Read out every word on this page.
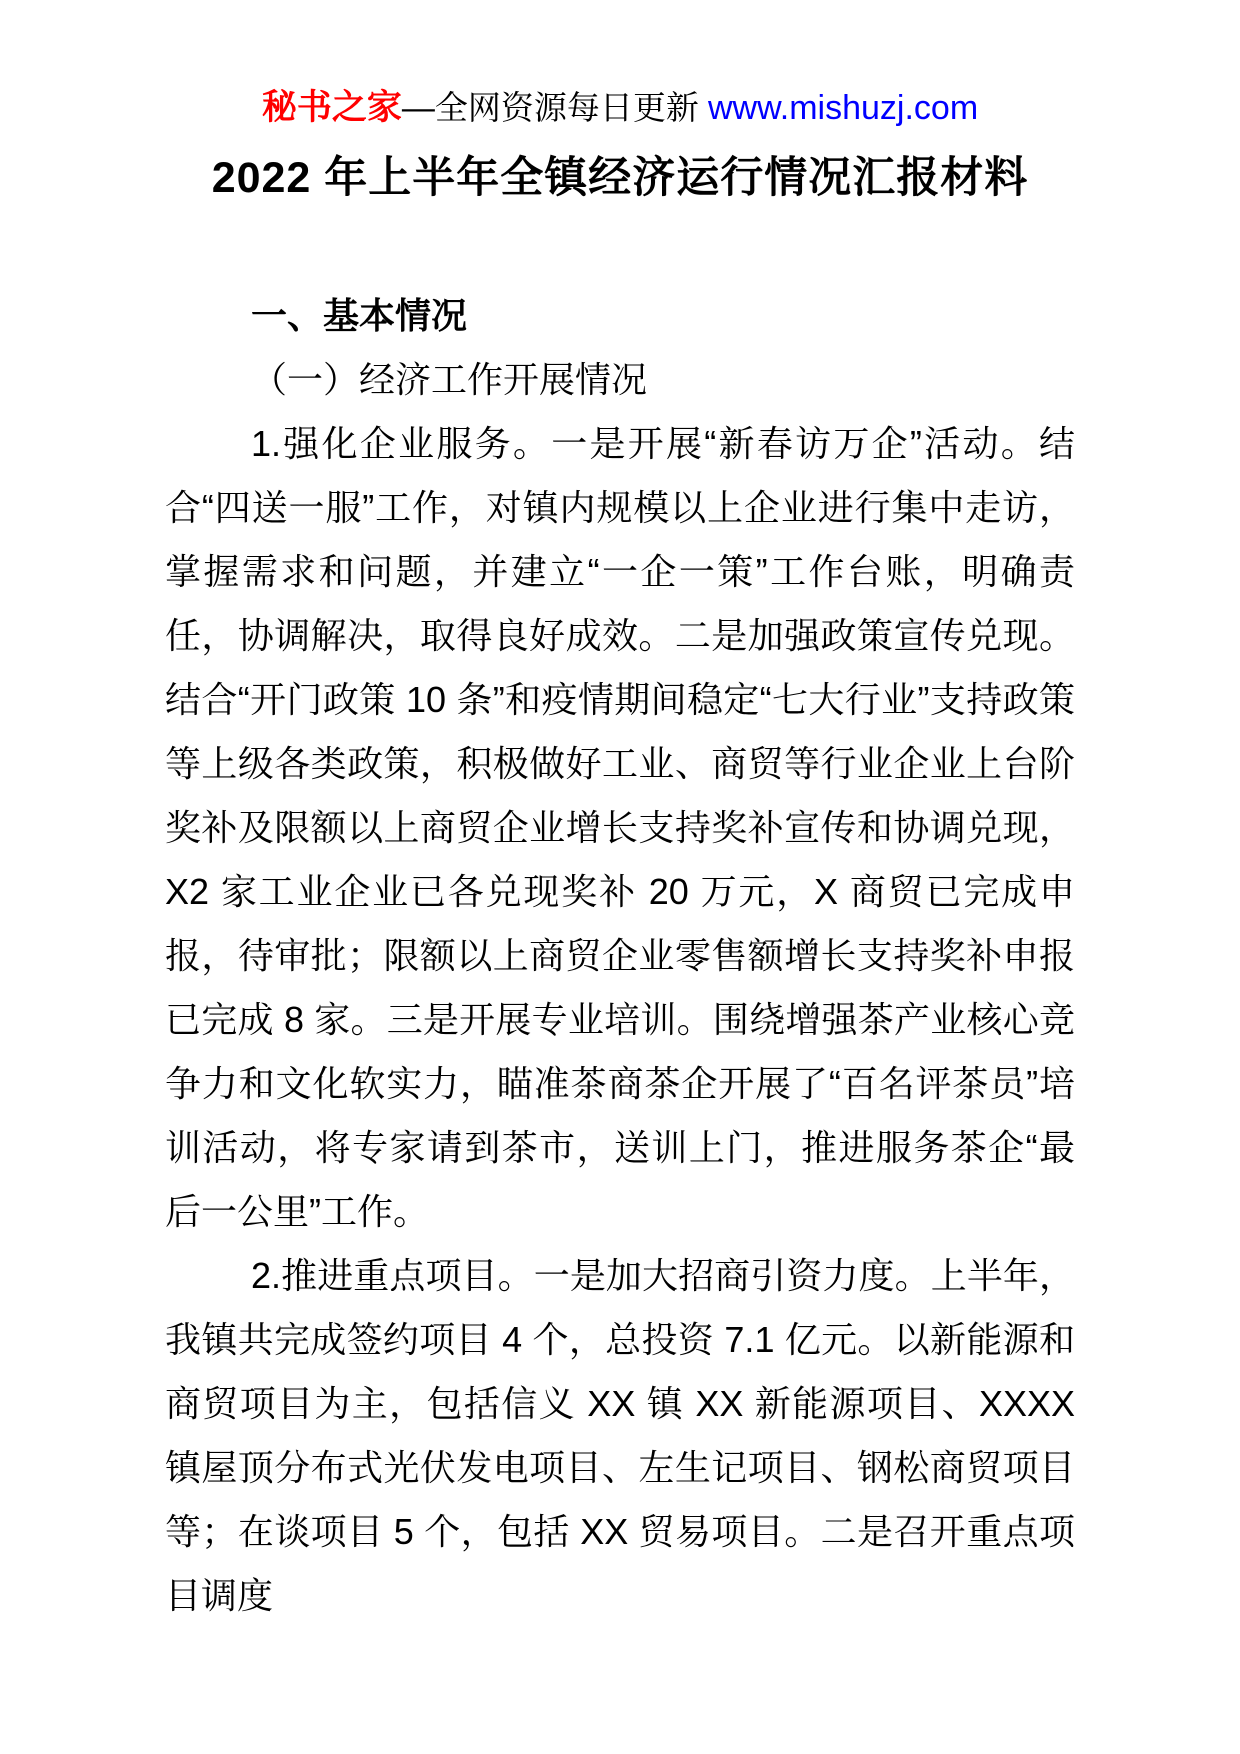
秘书之家—全网资源每日更新 www.mishuzj.com
2022 年上半年全镇经济运行情况汇报材料

一、基本情况

（一）经济工作开展情况

1.强化企业服务。一是开展“新春访万企”活动。结合“四送一服”工作，对镇内规模以上企业进行集中走访，掌握需求和问题，并建立“一企一策”工作台账，明确责任，协调解决，取得良好成效。二是加强政策宣传兑现。结合“开门政策 10 条”和疫情期间稳定“七大行业”支持政策等上级各类政策，积极做好工业、商贸等行业企业上台阶奖补及限额以上商贸企业增长支持奖补宣传和协调兑现，X2 家工业企业已各兑现奖补 20 万元，X 商贸已完成申报，待审批；限额以上商贸企业零售额增长支持奖补申报已完成 8 家。三是开展专业培训。围绕增强茶产业核心竞争力和文化软实力，瞄准茶商茶企开展了“百名评茶员”培训活动，将专家请到茶市，送训上门，推进服务茶企“最后一公里”工作。

2.推进重点项目。一是加大招商引资力度。上半年，我镇共完成签约项目 4 个，总投资 7.1 亿元。以新能源和商贸项目为主，包括信义 XX 镇 XX 新能源项目、XXXX 镇屋顶分布式光伏发电项目、左生记项目、钢松商贸项目等；在谈项目 5 个，包括 XX 贸易项目。二是召开重点项目调度
